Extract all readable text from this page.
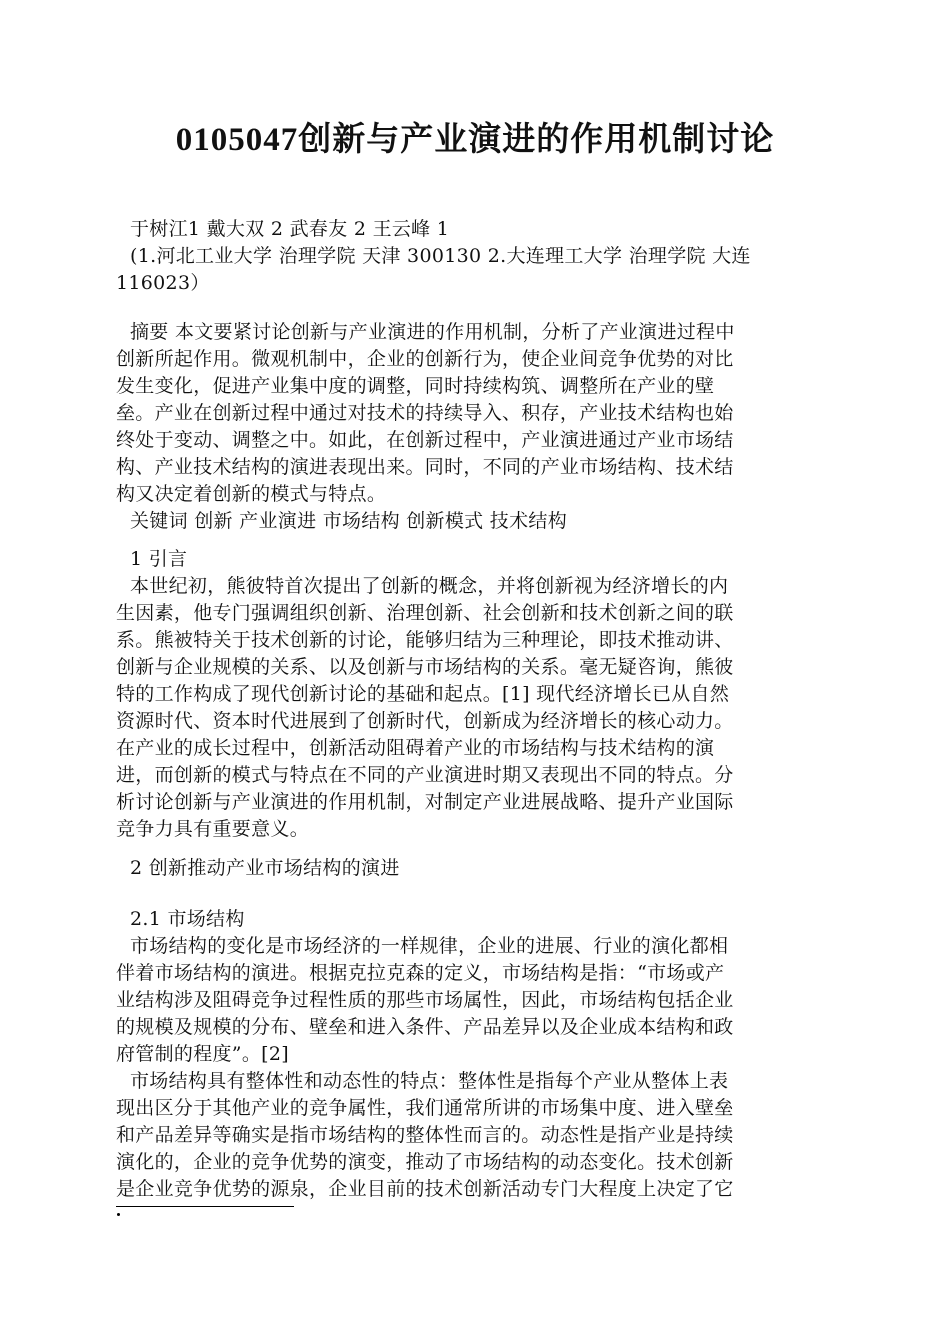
0105047创新与产业演进的作用机制讨论
于树江1 戴大双 2 武春友 2 王云峰 1
(1.河北工业大学 治理学院 天津 300130 2.大连理工大学 治理学院 大连
116023）
摘要 本文要紧讨论创新与产业演进的作用机制，分析了产业演进过程中
创新所起作用。微观机制中，企业的创新行为，使企业间竞争优势的对比
发生变化，促进产业集中度的调整，同时持续构筑、调整所在产业的壁
垒。产业在创新过程中通过对技术的持续导入、积存，产业技术结构也始
终处于变动、调整之中。如此，在创新过程中，产业演进通过产业市场结
构、产业技术结构的演进表现出来。同时，不同的产业市场结构、技术结
构又决定着创新的模式与特点。
关键词 创新 产业演进 市场结构 创新模式 技术结构
1 引言
本世纪初，熊彼特首次提出了创新的概念，并将创新视为经济增长的内
生因素，他专门强调组织创新、治理创新、社会创新和技术创新之间的联
系。熊被特关于技术创新的讨论，能够归结为三种理论，即技术推动讲、
创新与企业规模的关系、以及创新与市场结构的关系。毫无疑咨询，熊彼
特的工作构成了现代创新讨论的基础和起点。[1] 现代经济增长已从自然
资源时代、资本时代进展到了创新时代，创新成为经济增长的核心动力。
在产业的成长过程中，创新活动阻碍着产业的市场结构与技术结构的演
进，而创新的模式与特点在不同的产业演进时期又表现出不同的特点。分
析讨论创新与产业演进的作用机制，对制定产业进展战略、提升产业国际
竞争力具有重要意义。
2 创新推动产业市场结构的演进
2.1 市场结构
市场结构的变化是市场经济的一样规律，企业的进展、行业的演化都相
伴着市场结构的演进。根据克拉克森的定义，市场结构是指：“市场或产
业结构涉及阻碍竞争过程性质的那些市场属性，因此，市场结构包括企业
的规模及规模的分布、壁垒和进入条件、产品差异以及企业成本结构和政
府管制的程度”。[2]
市场结构具有整体性和动态性的特点：整体性是指每个产业从整体上表
现出区分于其他产业的竞争属性，我们通常所讲的市场集中度、进入壁垒
和产品差异等确实是指市场结构的整体性而言的。动态性是指产业是持续
演化的，企业的竞争优势的演变，推动了市场结构的动态变化。技术创新
是企业竞争优势的源泉，企业目前的技术创新活动专门大程度上决定了它
